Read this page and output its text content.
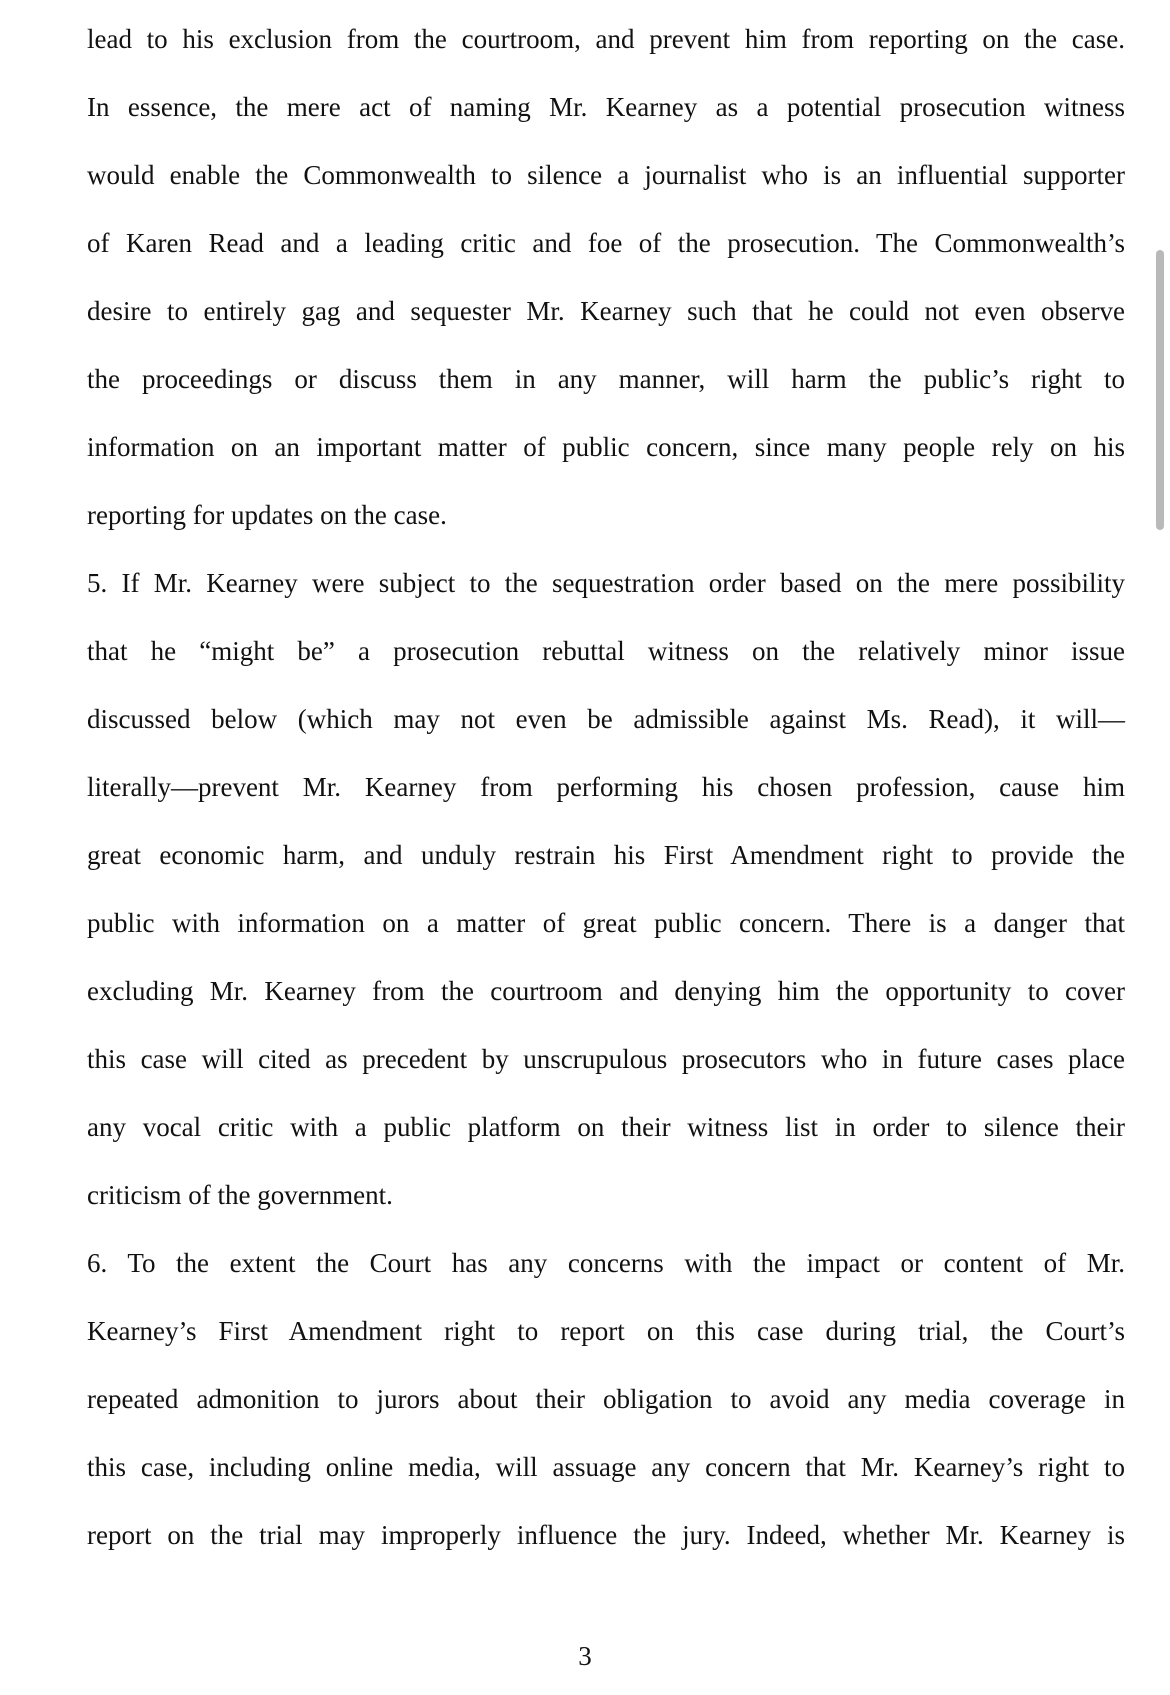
lead to his exclusion from the courtroom, and prevent him from reporting on the case.
In essence, the mere act of naming Mr. Kearney as a potential prosecution witness
would enable the Commonwealth to silence a journalist who is an influential supporter
of Karen Read and a leading critic and foe of the prosecution. The Commonwealth’s
desire to entirely gag and sequester Mr. Kearney such that he could not even observe
the proceedings or discuss them in any manner, will harm the public’s right to
information on an important matter of public concern, since many people rely on his
reporting for updates on the case.
5. If Mr. Kearney were subject to the sequestration order based on the mere possibility
that he “might be” a prosecution rebuttal witness on the relatively minor issue
discussed below (which may not even be admissible against Ms. Read), it will—
literally—prevent Mr. Kearney from performing his chosen profession, cause him
great economic harm, and unduly restrain his First Amendment right to provide the
public with information on a matter of great public concern. There is a danger that
excluding Mr. Kearney from the courtroom and denying him the opportunity to cover
this case will cited as precedent by unscrupulous prosecutors who in future cases place
any vocal critic with a public platform on their witness list in order to silence their
criticism of the government.
6. To the extent the Court has any concerns with the impact or content of Mr.
Kearney’s First Amendment right to report on this case during trial, the Court’s
repeated admonition to jurors about their obligation to avoid any media coverage in
this case, including online media, will assuage any concern that Mr. Kearney’s right to
report on the trial may improperly influence the jury. Indeed, whether Mr. Kearney is
3
